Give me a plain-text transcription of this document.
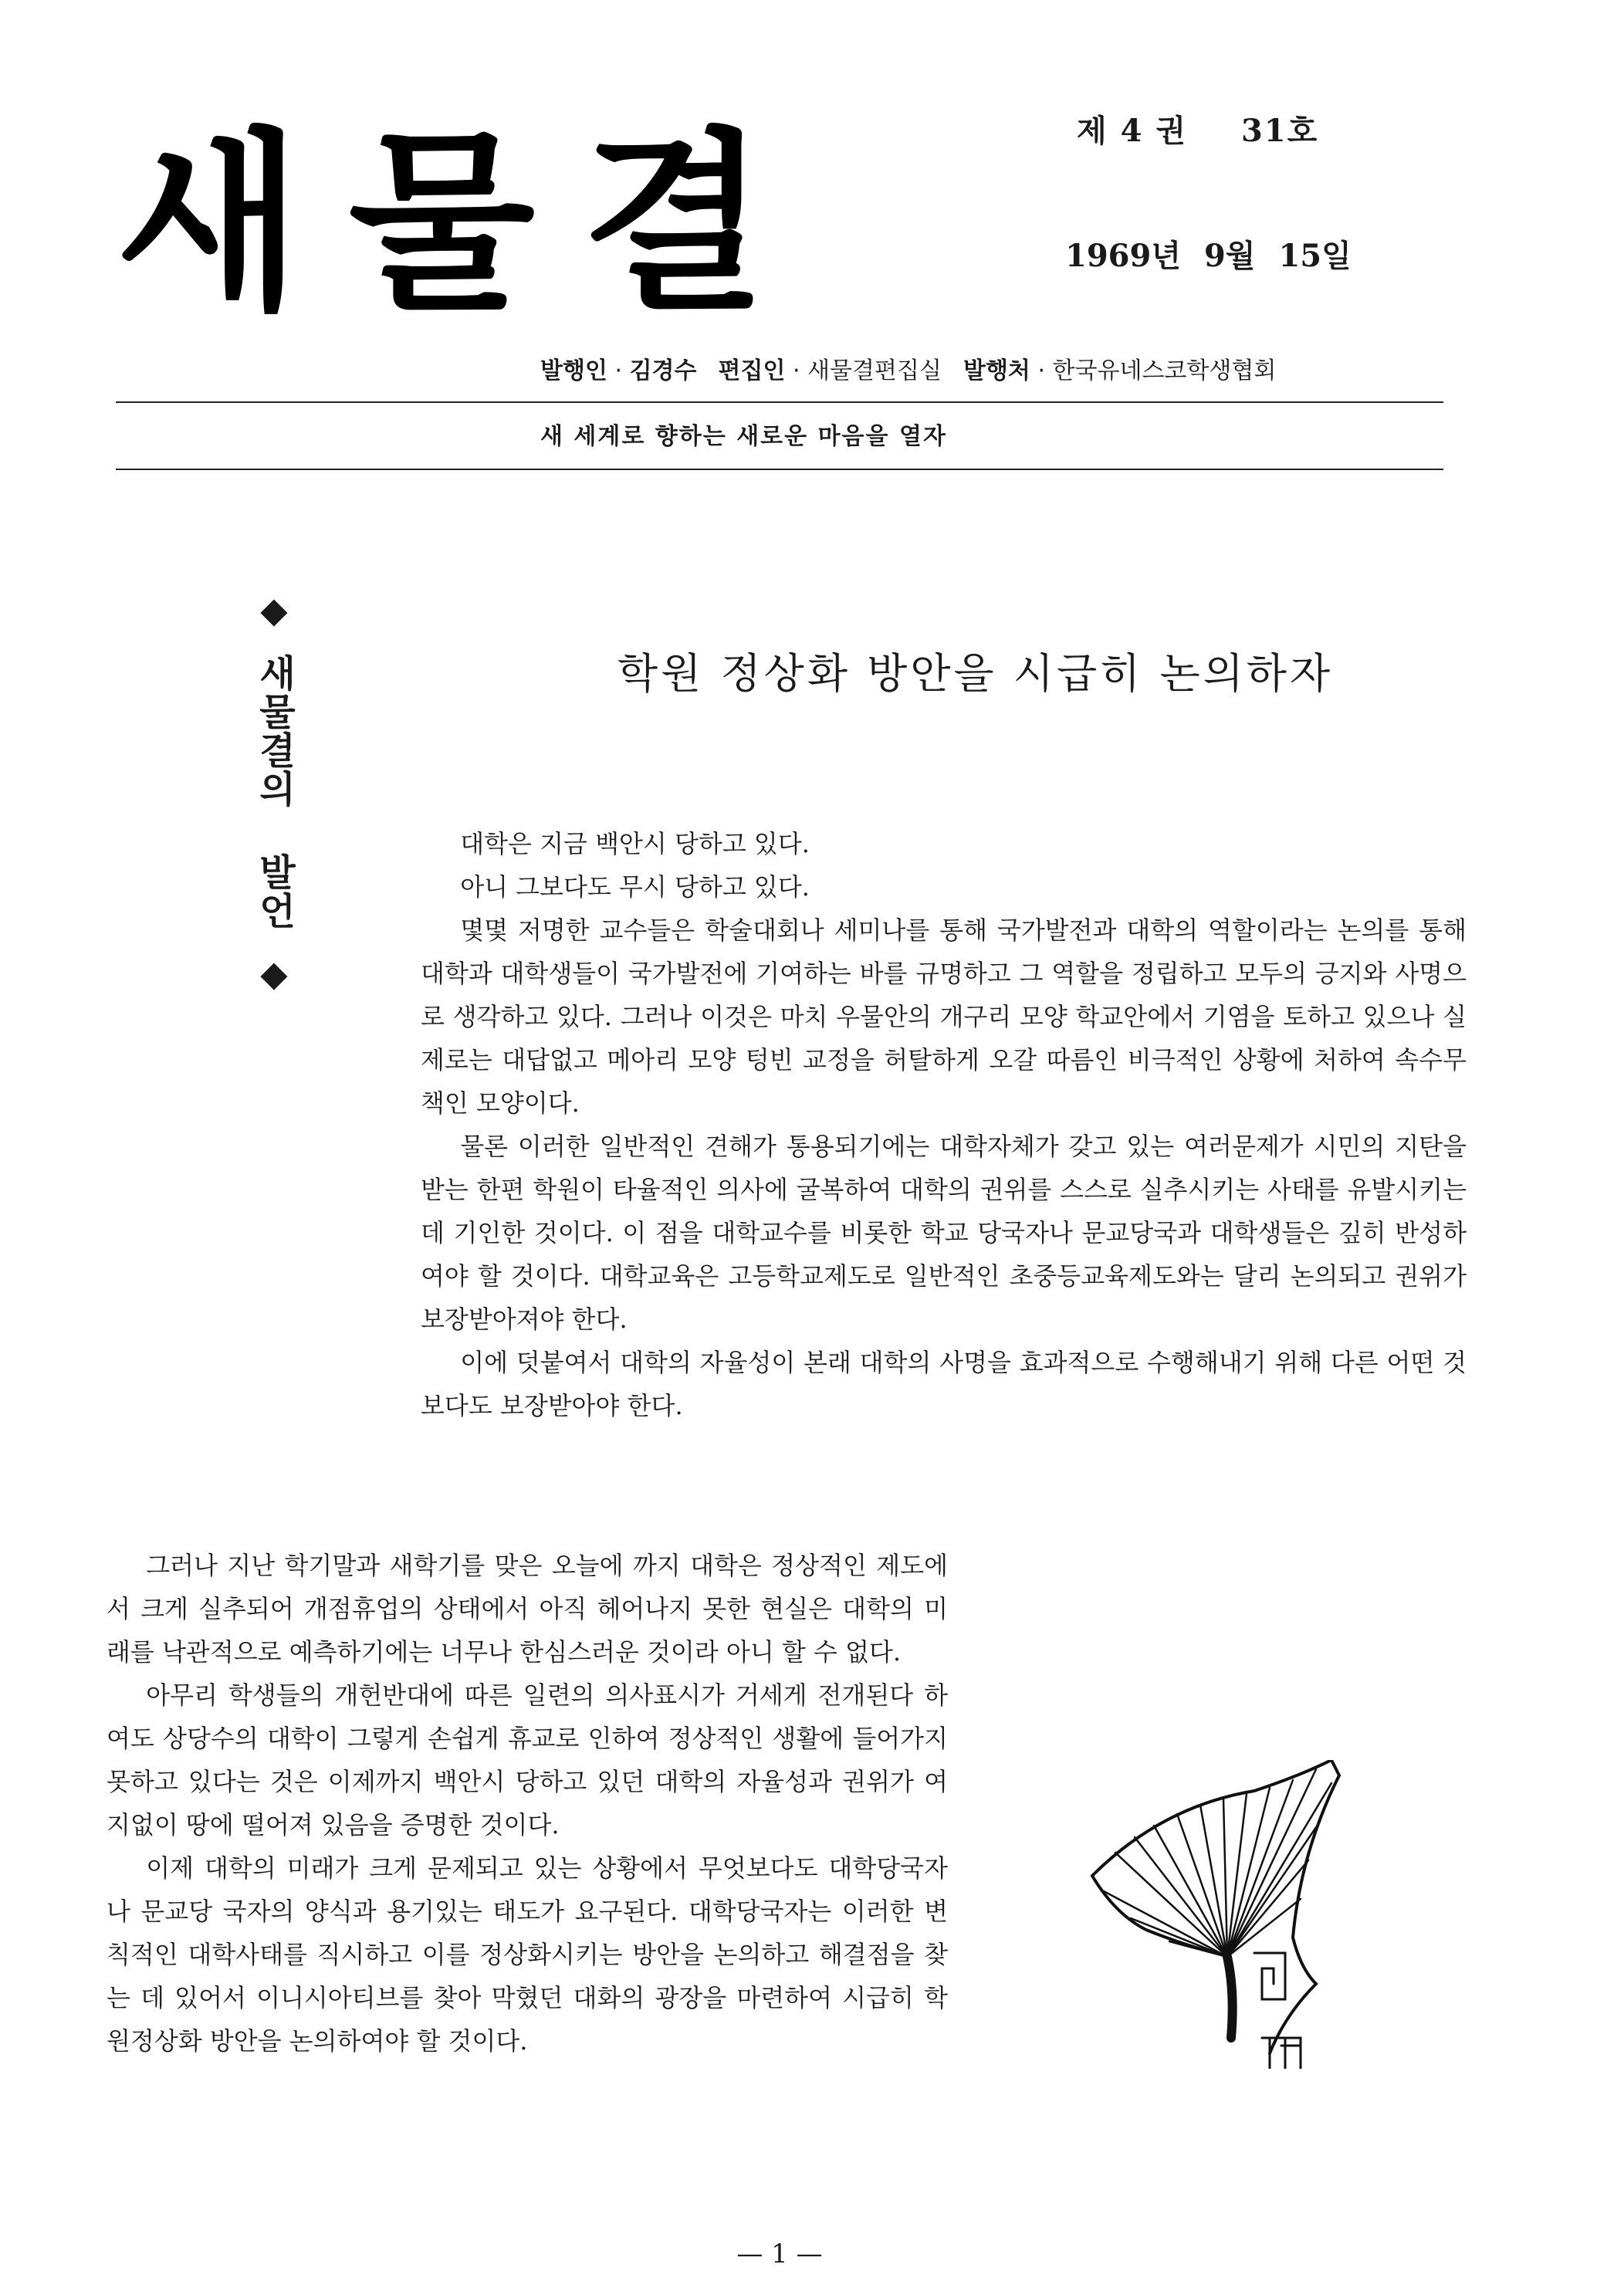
새물결	제 4 권 31호
1969년 9월 15일
발행인 · 김경수 편집인 · 새물결편집실 발행처 · 한국유네스코학생협회
새 세계로 향하는 새로운 마음을 열자
◆
새물결의 발언
◆
학원 정상화 방안을 시급히 논의하자

대학은 지금 백안시 당하고 있다.

아니 그보다도 무시 당하고 있다.

몇몇 저명한 교수들은 학술대회나 세미나를 통해 국가발전과 대학의 역할이라는 논의를 통해 대학과 대학생들이 국가발전에 기여하는 바를 규명하고 그 역할을 정립하고 모두의 긍지와 사명으로 생각하고 있다. 그러나 이것은 마치 우물안의 개구리 모양 학교안에서 기염을 토하고 있으나 실제로는 대답없고 메아리 모양 텅빈 교정을 허탈하게 오갈 따름인 비극적인 상황에 처하여 속수무책인 모양이다.

물론 이러한 일반적인 견해가 통용되기에는 대학자체가 갖고 있는 여러문제가 시민의 지탄을 받는 한편 학원이 타율적인 의사에 굴복하여 대학의 권위를 스스로 실추시키는 사태를 유발시키는데 기인한 것이다. 이 점을 대학교수를 비롯한 학교 당국자나 문교당국과 대학생들은 깊히 반성하여야 할 것이다. 대학교육은 고등학교제도로 일반적인 초중등교육제도와는 달리 논의되고 권위가 보장받아져야 한다.

이에 덧붙여서 대학의 자율성이 본래 대학의 사명을 효과적으로 수행해내기 위해 다른 어떤 것보다도 보장받아야 한다.

그러나 지난 학기말과 새학기를 맞은 오늘에 까지 대학은 정상적인 제도에서 크게 실추되어 개점휴업의 상태에서 아직 헤어나지 못한 현실은 대학의 미래를 낙관적으로 예측하기에는 너무나 한심스러운 것이라 아니 할 수 없다.

아무리 학생들의 개헌반대에 따른 일련의 의사표시가 거세게 전개된다 하여도 상당수의 대학이 그렇게 손쉽게 휴교로 인하여 정상적인 생활에 들어가지 못하고 있다는 것은 이제까지 백안시 당하고 있던 대학의 자율성과 권위가 여지없이 땅에 떨어져 있음을 증명한 것이다.

이제 대학의 미래가 크게 문제되고 있는 상황에서 무엇보다도 대학당국자나 문교당 국자의 양식과 용기있는 태도가 요구된다. 대학당국자는 이러한 변칙적인 대학사태를 직시하고 이를 정상화시키는 방안을 논의하고 해결점을 찾는 데 있어서 이니시아티브를 찾아 막혔던 대화의 광장을 마련하여 시급히 학원정상화 방안을 논의하여야 할 것이다.

— 1 —
